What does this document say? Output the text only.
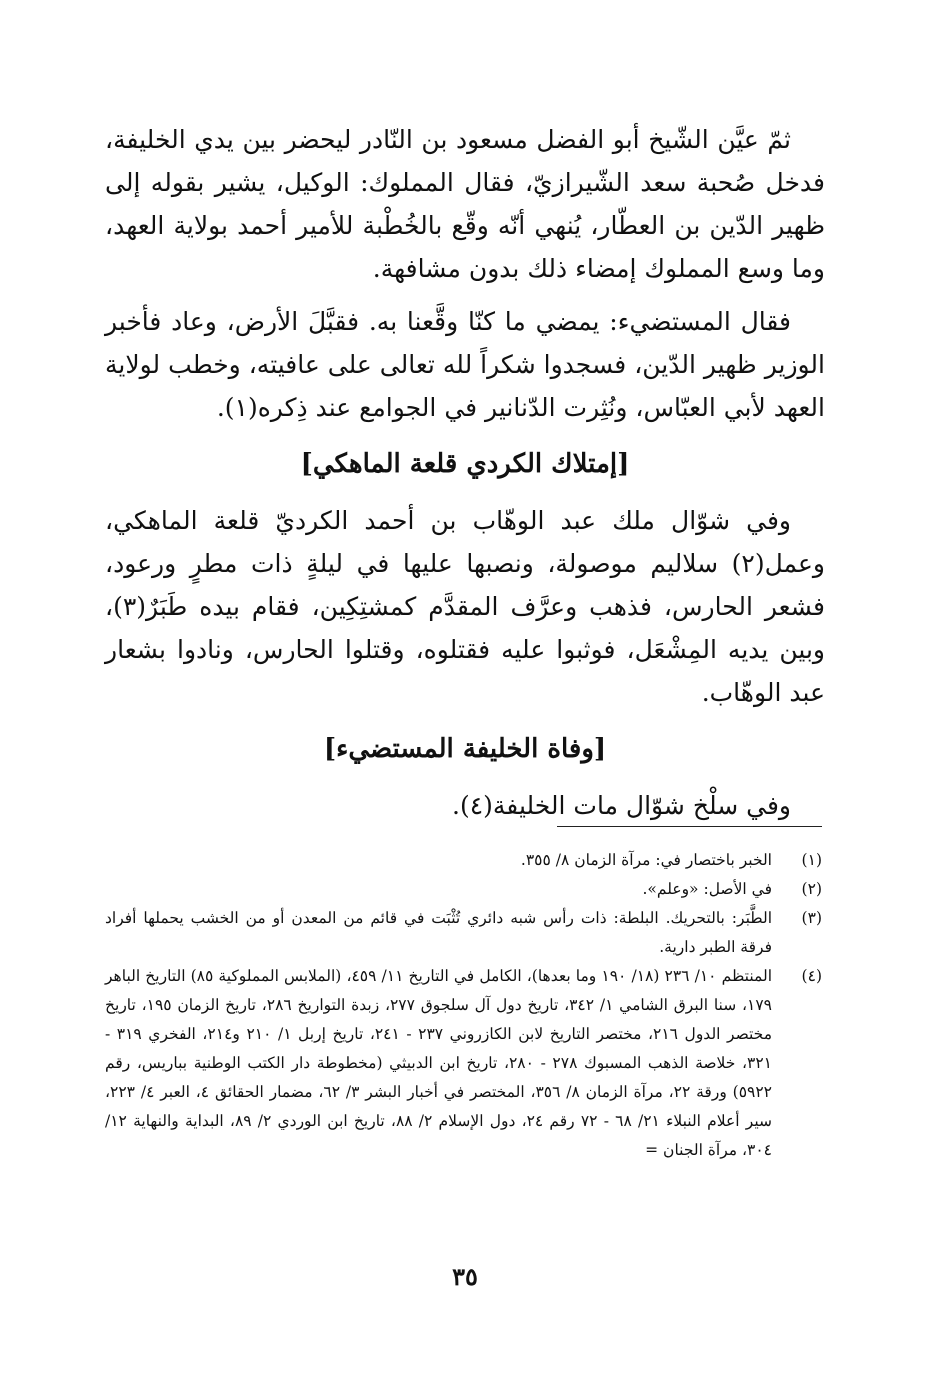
ثمّ عيَّن الشّيخ أبو الفضل مسعود بن النّادر ليحضر بين يدي الخليفة، فدخل صُحبة سعد الشّيرازيّ، فقال المملوك: الوكيل، يشير بقوله إلى ظهير الدّين بن العطّار، يُنهي أنّه وقّع بالخُطْبة للأمير أحمد بولاية العهد، وما وسع المملوك إمضاء ذلك بدون مشافهة.

فقال المستضيء: يمضي ما كنّا وقَّعنا به. فقبَّلَ الأرض، وعاد فأخبر الوزير ظهير الدّين، فسجدوا شكراً لله تعالى على عافيته، وخطب لولاية العهد لأبي العبّاس، ونُثِرت الدّنانير في الجوامع عند ذِكره(١).

[إمتلاك الكردي قلعة الماهكي]

وفي شوّال ملك عبد الوهّاب بن أحمد الكرديّ قلعة الماهكي، وعمل(٢) سلاليم موصولة، ونصبها عليها في ليلةٍ ذات مطرٍ ورعود، فشعر الحارس، فذهب وعرَّف المقدَّم كمشتِكِين، فقام بيده طَبَرٌ(٣)، وبين يديه المِشْعَل، فوثبوا عليه فقتلوه، وقتلوا الحارس، ونادوا بشعار عبد الوهّاب.

[وفاة الخليفة المستضيء]

وفي سلْخ شوّال مات الخليفة(٤).

(١)
الخبر باختصار في: مرآة الزمان ٨/ ٣٥٥.
(٢)
في الأصل: «وعلم».
(٣)
الطَّبَر: بالتحريك. البلطة: ذات رأس شبه دائري تُثْبَت في قائم من المعدن أو من الخشب يحملها أفراد فرقة الطبر دارية.
(٤)
المنتظم ١٠/ ٢٣٦ (١٨/ ١٩٠ وما بعدها)، الكامل في التاريخ ١١/ ٤٥٩، (الملابس المملوكية ٨٥) التاريخ الباهر ١٧٩، سنا البرق الشامي ١/ ٣٤٢، تاريخ دول آل سلجوق ٢٧٧، زبدة التواريخ ٢٨٦، تاريخ الزمان ١٩٥، تاريخ مختصر الدول ٢١٦، مختصر التاريخ لابن الكازروني ٢٣٧ - ٢٤١، تاريخ إربل ١/ ٢١٠ و٢١٤، الفخري ٣١٩ - ٣٢١، خلاصة الذهب المسبوك ٢٧٨ - ٢٨٠، تاريخ ابن الدبيثي (مخطوطة دار الكتب الوطنية بباريس، رقم ٥٩٢٢) ورقة ٢٢، مرآة الزمان ٨/ ٣٥٦، المختصر في أخبار البشر ٣/ ٦٢، مضمار الحقائق ٤، العبر ٤/ ٢٢٣، سير أعلام النبلاء ٢١/ ٦٨ - ٧٢ رقم ٢٤، دول الإسلام ٢/ ٨٨، تاريخ ابن الوردي ٢/ ٨٩، البداية والنهاية ١٢/ ٣٠٤، مرآة الجنان =
٣٥
